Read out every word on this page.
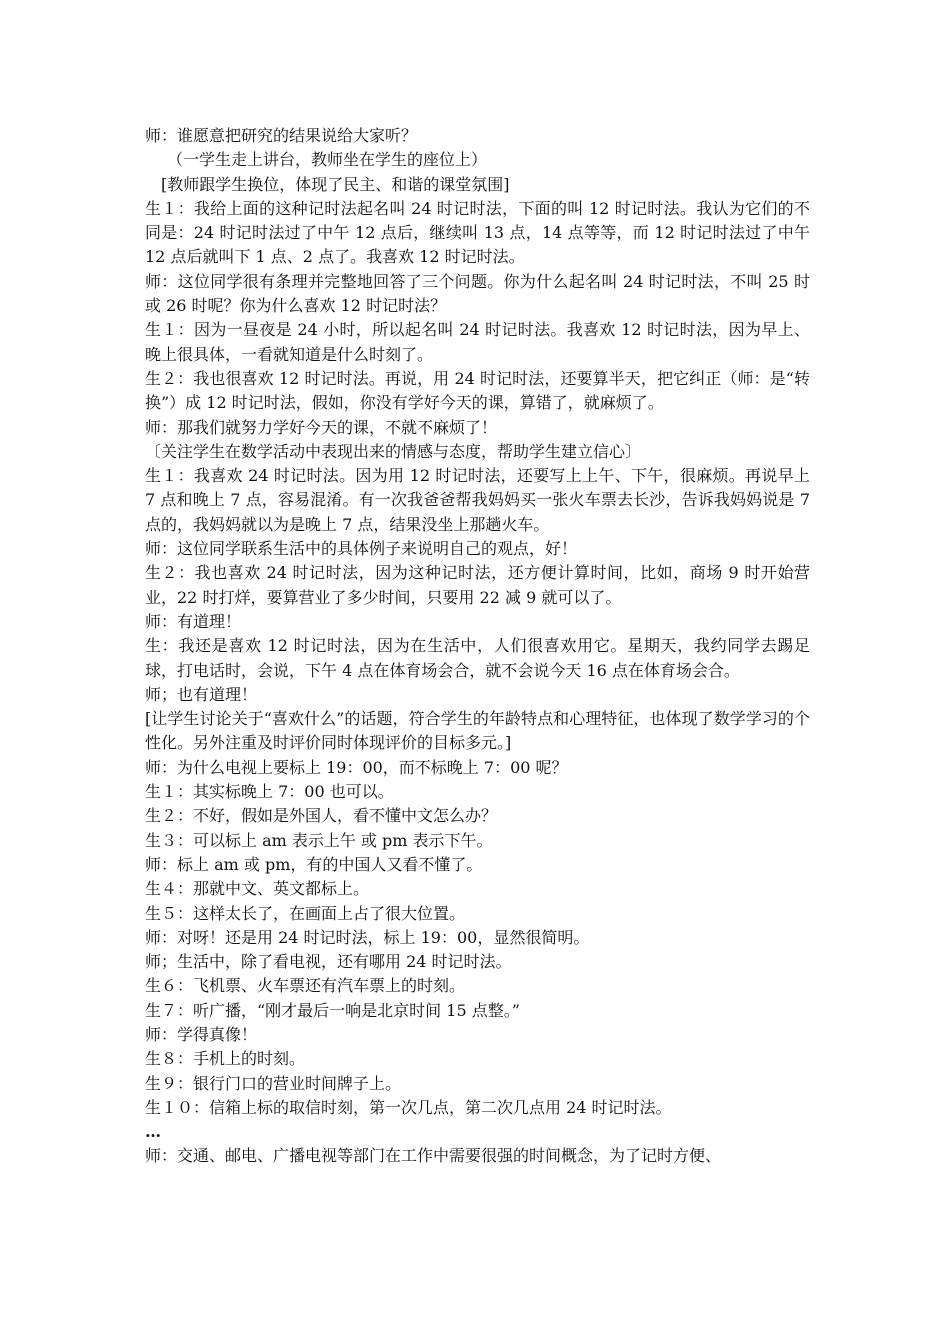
师：谁愿意把研究的结果说给大家听？

（一学生走上讲台，教师坐在学生的座位上）

[教师跟学生换位，体现了民主、和谐的课堂氛围]

生１：我给上面的这种记时法起名叫 24 时记时法，下面的叫 12 时记时法。我认为它们的不同是：24 时记时法过了中午 12 点后，继续叫 13 点，14 点等等，而 12 时记时法过了中午 12 点后就叫下 1 点、2 点了。我喜欢 12 时记时法。

师：这位同学很有条理并完整地回答了三个问题。你为什么起名叫 24 时记时法，不叫 25 时或 26 时呢？你为什么喜欢 12 时记时法？

生１：因为一昼夜是 24 小时，所以起名叫 24 时记时法。我喜欢 12 时记时法，因为早上、晚上很具体，一看就知道是什么时刻了。

生２：我也很喜欢 12 时记时法。再说，用 24 时记时法，还要算半天，把它纠正（师：是“转换”）成 12 时记时法，假如，你没有学好今天的课，算错了，就麻烦了。

师：那我们就努力学好今天的课，不就不麻烦了！

〔关注学生在数学活动中表现出来的情感与态度，帮助学生建立信心〕

生１：我喜欢 24 时记时法。因为用 12 时记时法，还要写上上午、下午，很麻烦。再说早上 7 点和晚上 7 点，容易混淆。有一次我爸爸帮我妈妈买一张火车票去长沙，告诉我妈妈说是 7 点的，我妈妈就以为是晚上 7 点，结果没坐上那趟火车。

师：这位同学联系生活中的具体例子来说明自己的观点，好！

生２：我也喜欢 24 时记时法，因为这种记时法，还方便计算时间，比如，商场 9 时开始营业，22 时打烊，要算营业了多少时间，只要用 22 减 9 就可以了。

师：有道理！

生：我还是喜欢 12 时记时法，因为在生活中，人们很喜欢用它。星期天，我约同学去踢足球，打电话时，会说，下午 4 点在体育场会合，就不会说今天 16 点在体育场会合。

师；也有道理！

[让学生讨论关于“喜欢什么”的话题，符合学生的年龄特点和心理特征，也体现了数学学习的个性化。另外注重及时评价同时体现评价的目标多元。]

师：为什么电视上要标上 19：00，而不标晚上 7：00 呢？

生１：其实标晚上 7：00 也可以。

生２：不好，假如是外国人，看不懂中文怎么办？

生３：可以标上 am 表示上午 或 pm 表示下午。

师：标上 am 或 pm，有的中国人又看不懂了。

生４：那就中文、英文都标上。

生５：这样太长了，在画面上占了很大位置。

师：对呀！还是用 24 时记时法，标上 19：00，显然很简明。

师；生活中，除了看电视，还有哪用 24 时记时法。

生６：飞机票、火车票还有汽车票上的时刻。

生７：听广播，“刚才最后一响是北京时间 15 点整。”

师：学得真像！

生８：手机上的时刻。

生９：银行门口的营业时间牌子上。

生１０：信箱上标的取信时刻，第一次几点，第二次几点用 24 时记时法。

…

师：交通、邮电、广播电视等部门在工作中需要很强的时间概念，为了记时方便、
